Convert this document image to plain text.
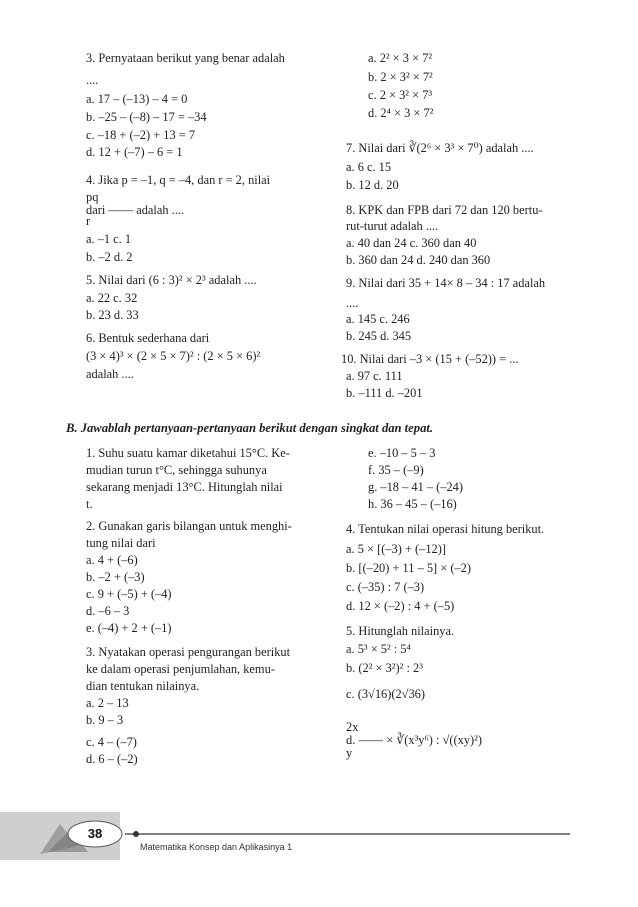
3. Pernyataan berikut yang benar adalah
....
a. 17 – (–13) – 4 = 0
b. –25 – (–8) – 17 = –34
c. –18 + (–2) + 13 = 7
d. 12 + (–7) – 6 = 1
4. Jika p = –1, q = –4, dan r = 2, nilai
pq
dari —— adalah ....
r
a. –1 c. 1
b. –2 d. 2
5. Nilai dari (6 : 3)² × 2³ adalah ....
a. 22 c. 32
b. 23 d. 33
6. Bentuk sederhana dari
(3 × 4)³ × (2 × 5 × 7)² : (2 × 5 × 6)²
adalah ....
a. 2² × 3 × 7²
b. 2 × 3² × 7²
c. 2 × 3² × 7³
d. 2⁴ × 3 × 7²
7. Nilai dari ∛(2⁶ × 3³ × 7⁰) adalah ....
a. 6 c. 15
b. 12 d. 20
8. KPK dan FPB dari 72 dan 120 bertu-
rut-turut adalah ....
a. 40 dan 24 c. 360 dan 40
b. 360 dan 24 d. 240 dan 360
9. Nilai dari 35 + 14× 8 – 34 : 17 adalah
....
a. 145 c. 246
b. 245 d. 345
10. Nilai dari –3 × (15 + (–52)) = ...
a. 97 c. 111
b. –111 d. –201
B. Jawablah pertanyaan-pertanyaan berikut dengan singkat dan tepat.
1. Suhu suatu kamar diketahui 15°C. Ke-
mudian turun t°C, sehingga suhunya
sekarang menjadi 13°C. Hitunglah nilai
t.
2. Gunakan garis bilangan untuk menghi-
tung nilai dari
a. 4 + (–6)
b. –2 + (–3)
c. 9 + (–5) + (–4)
d. –6 – 3
e. (–4) + 2 + (–1)
3. Nyatakan operasi pengurangan berikut
ke dalam operasi penjumlahan, kemu-
dian tentukan nilainya.
a. 2 – 13
b. 9 – 3
c. 4 – (–7)
d. 6 – (–2)
e. –10 – 5 – 3
f. 35 – (–9)
g. –18 – 41 – (–24)
h. 36 – 45 – (–16)
4. Tentukan nilai operasi hitung berikut.
a. 5 × [(–3) + (–12)]
b. [(–20) + 11 – 5] × (–2)
c. (–35) : 7 (–3)
d. 12 × (–2) : 4 + (–5)
5. Hitunglah nilainya.
a. 5³ × 5² : 5⁴
b. (2² × 3²)² : 2³
c. (3√16)(2√36)
2x
d. —— × ∛(x³y⁶) : √((xy)²)
y
38
Matematika Konsep dan Aplikasinya 1
